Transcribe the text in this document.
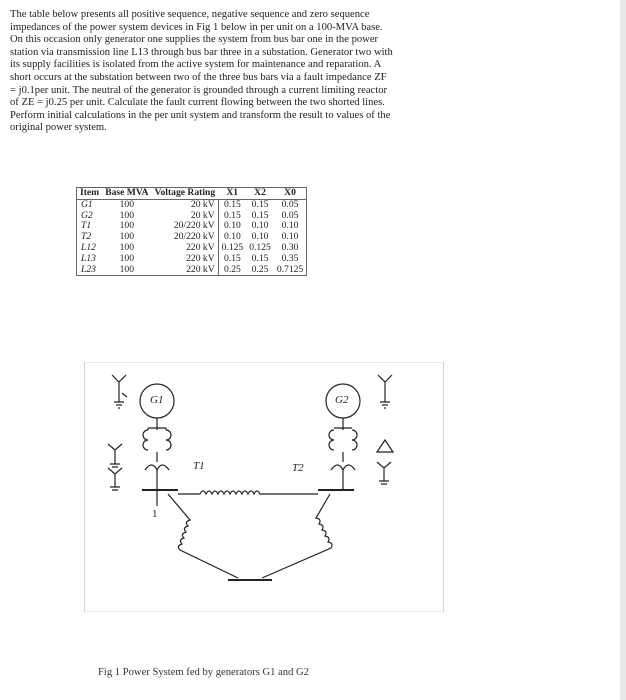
The table below presents all positive sequence, negative sequence and zero sequence
impedances of the power system devices in Fig 1 below in per unit on a 100-MVA base.
On this occasion only generator one supplies the system from bus bar one in the power
station via transmission line L13 through bus bar three in a substation. Generator two with
its supply facilities is isolated from the active system for maintenance and reparation. A
short occurs at the substation between two of the three bus bars via a fault impedance ZF
= j0.1per unit. The neutral of the generator is grounded through a current limiting reactor
of ZE = j0.25 per unit. Calculate the fault current flowing between the two shorted lines.
Perform initial calculations in the per unit system and transform the result to values of the
original power system.
Item	Base MVA	Voltage Rating	X1	X2	X0
G1	100	20 kV	0.15	0.15	0.05
G2	100	20 kV	0.15	0.15	0.05
T1	100	20/220 kV	0.10	0.10	0.10
T2	100	20/220 kV	0.10	0.10	0.10
L12	100	220 kV	0.125	0.125	0.30
L13	100	220 kV	0.15	0.15	0.35
L23	100	220 kV	0.25	0.25	0.7125
G1	G2
T1	T2
1
Fig 1 Power System fed by generators G1 and G2
